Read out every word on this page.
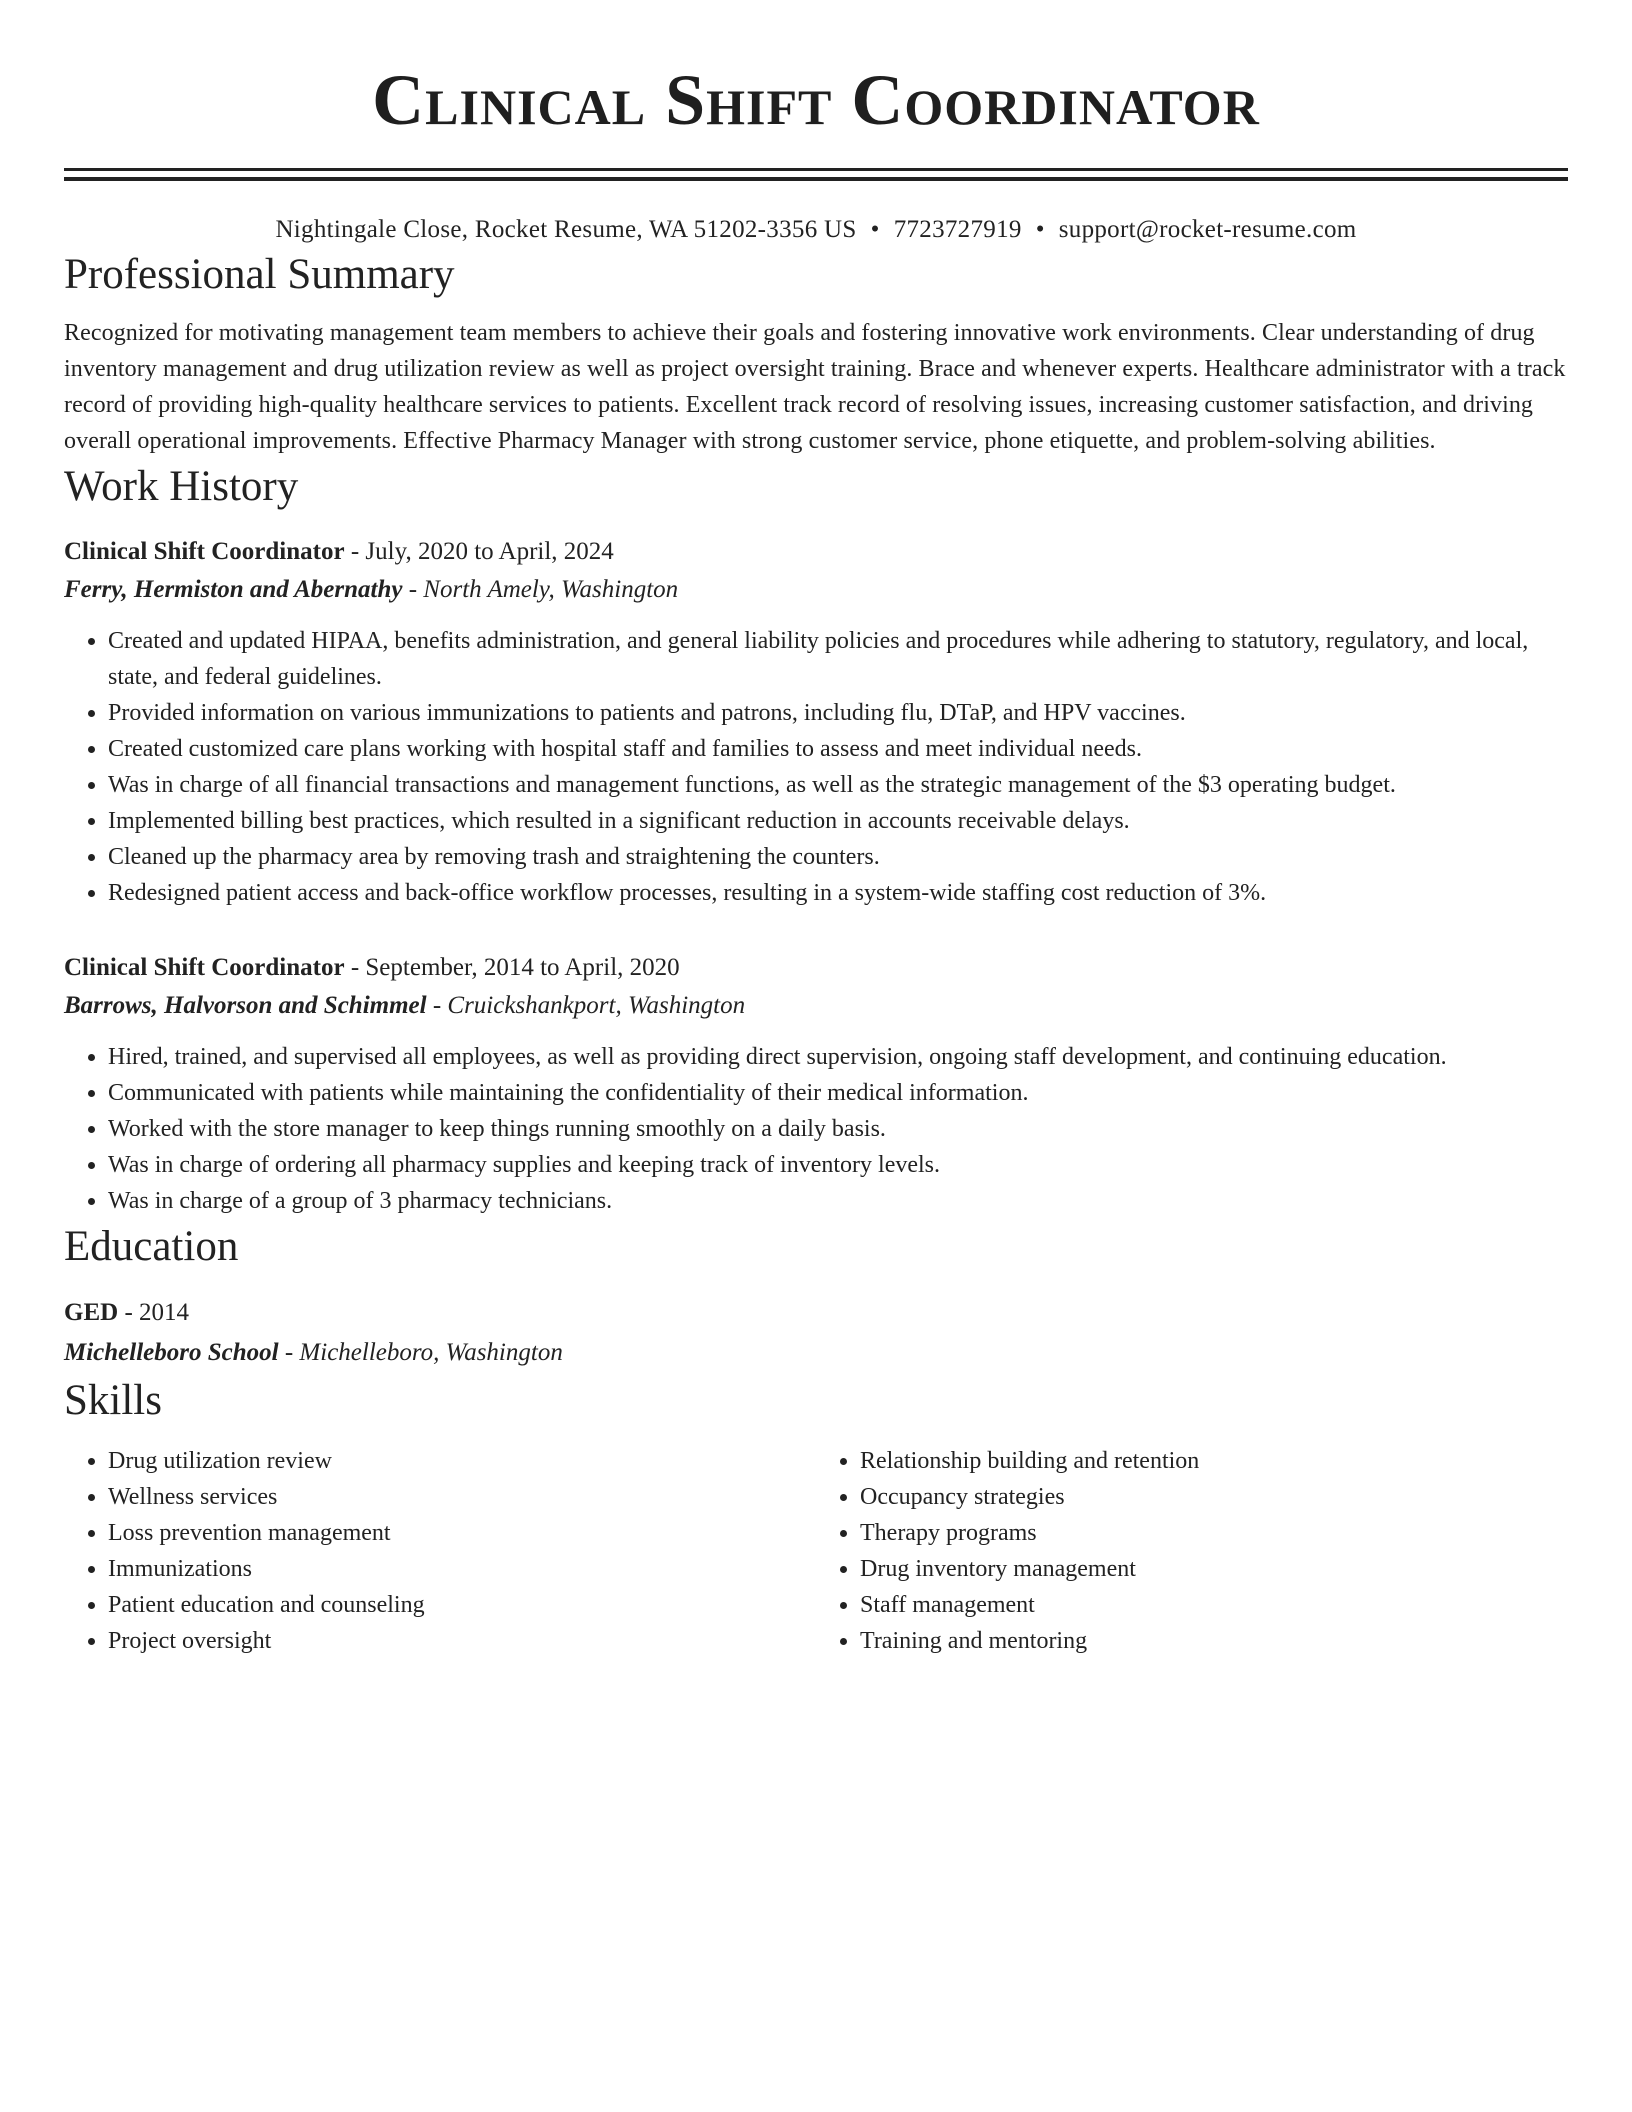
Clinical Shift Coordinator
Nightingale Close, Rocket Resume, WA 51202-3356 US • 7723727919 • support@rocket-resume.com
Professional Summary

Recognized for motivating management team members to achieve their goals and fostering innovative work environments. Clear understanding of drug inventory management and drug utilization review as well as project oversight training. Brace and whenever experts. Healthcare administrator with a track record of providing high-quality healthcare services to patients. Excellent track record of resolving issues, increasing customer satisfaction, and driving overall operational improvements. Effective Pharmacy Manager with strong customer service, phone etiquette, and problem-solving abilities.

Work History
Clinical Shift Coordinator - July, 2020 to April, 2024
Ferry, Hermiston and Abernathy - North Amely, Washington
• Created and updated HIPAA, benefits administration, and general liability policies and procedures while adhering to statutory, regulatory, and local, state, and federal guidelines.
• Provided information on various immunizations to patients and patrons, including flu, DTaP, and HPV vaccines.
• Created customized care plans working with hospital staff and families to assess and meet individual needs.
• Was in charge of all financial transactions and management functions, as well as the strategic management of the $3 operating budget.
• Implemented billing best practices, which resulted in a significant reduction in accounts receivable delays.
• Cleaned up the pharmacy area by removing trash and straightening the counters.
• Redesigned patient access and back-office workflow processes, resulting in a system-wide staffing cost reduction of 3%.
Clinical Shift Coordinator - September, 2014 to April, 2020
Barrows, Halvorson and Schimmel - Cruickshankport, Washington
• Hired, trained, and supervised all employees, as well as providing direct supervision, ongoing staff development, and continuing education.
• Communicated with patients while maintaining the confidentiality of their medical information.
• Worked with the store manager to keep things running smoothly on a daily basis.
• Was in charge of ordering all pharmacy supplies and keeping track of inventory levels.
• Was in charge of a group of 3 pharmacy technicians.
Education
GED - 2014
Michelleboro School - Michelleboro, Washington
Skills
• Drug utilization review
• Wellness services
• Loss prevention management
• Immunizations
• Patient education and counseling
• Project oversight
• Relationship building and retention
• Occupancy strategies
• Therapy programs
• Drug inventory management
• Staff management
• Training and mentoring
